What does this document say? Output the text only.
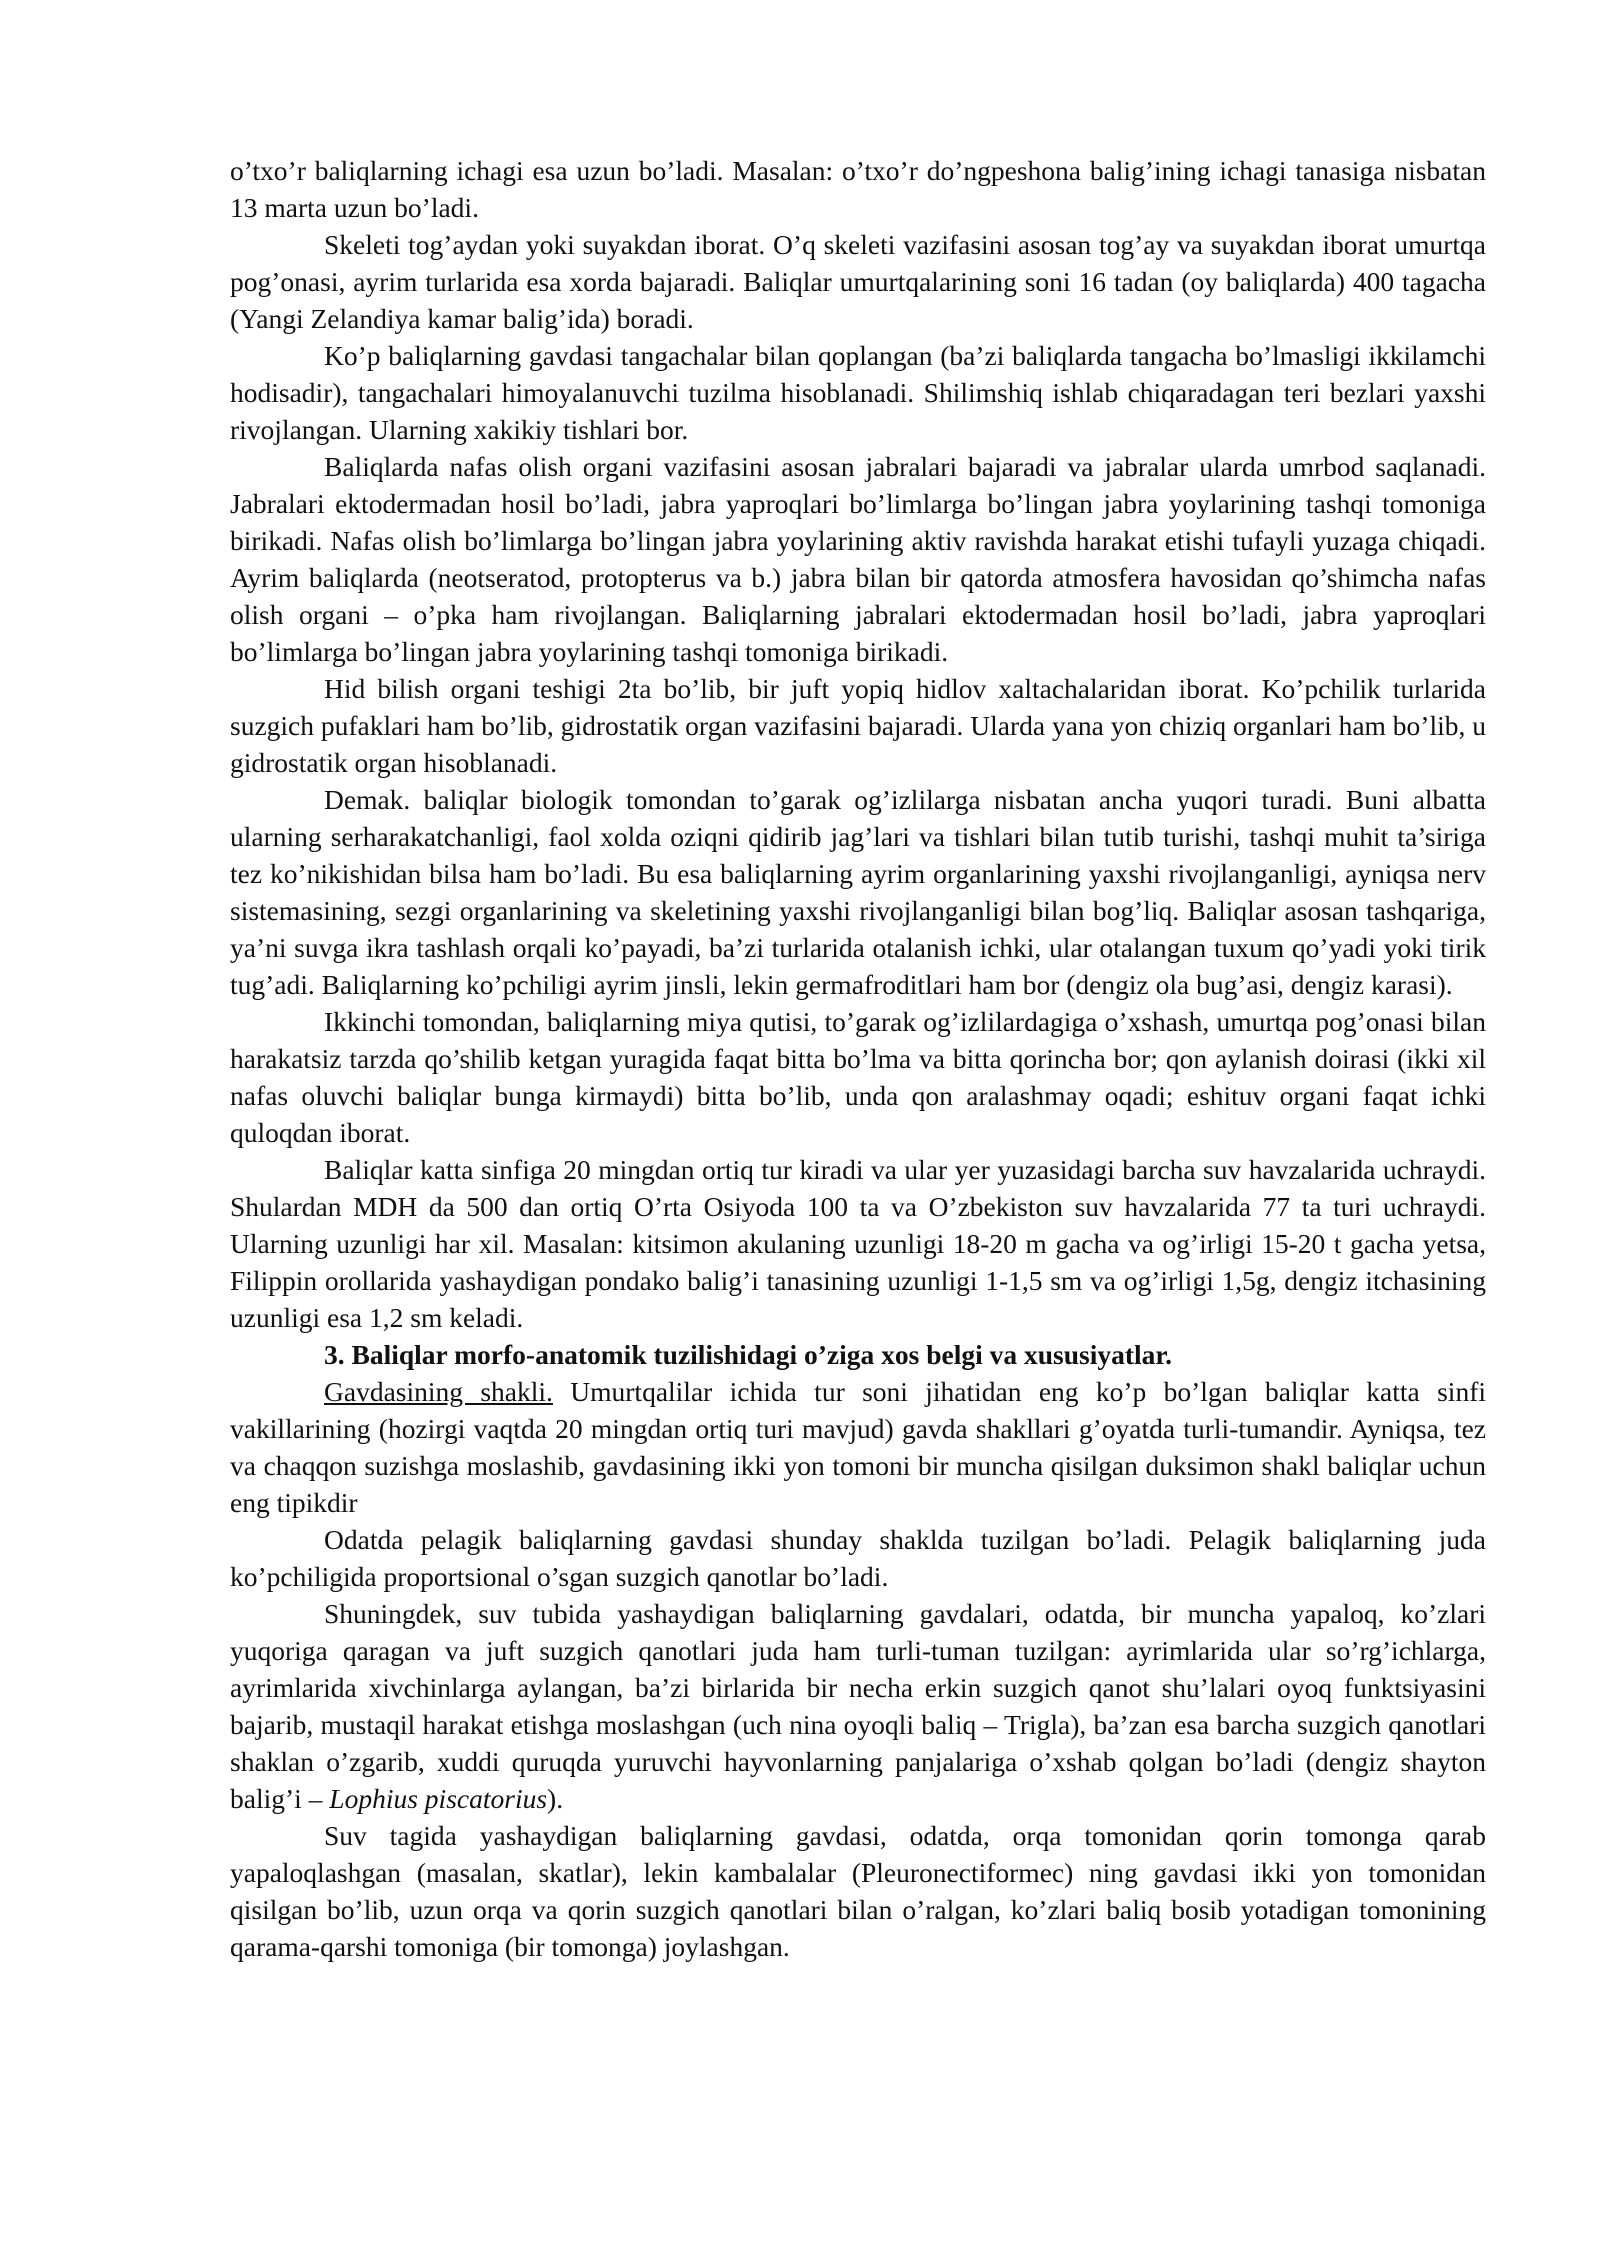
o’txo’r baliqlarning ichagi esa uzun bo’ladi. Masalan: o’txo’r do’ngpeshona balig’ining ichagi tanasiga nisbatan 13 marta uzun bo’ladi.

Skeleti tog’aydan yoki suyakdan iborat. O’q skeleti vazifasini asosan tog’ay va suyakdan iborat umurtqa pog’onasi, ayrim turlarida esa xorda bajaradi. Baliqlar umurtqalarining soni 16 tadan (oy baliqlarda) 400 tagacha (Yangi Zelandiya kamar balig’ida) boradi.

Ko’p baliqlarning gavdasi tangachalar bilan qoplangan (ba’zi baliqlarda tangacha bo’lmasligi ikkilamchi hodisadir), tangachalari himoyalanuvchi tuzilma hisoblanadi. Shilimshiq ishlab chiqaradagan teri bezlari yaxshi rivojlangan. Ularning xakikiy tishlari bor.

Baliqlarda nafas olish organi vazifasini asosan jabralari bajaradi va jabralar ularda umrbod saqlanadi. Jabralari ektodermadan hosil bo’ladi, jabra yaproqlari bo’limlarga bo’lingan jabra yoylarining tashqi tomoniga birikadi. Nafas olish bo’limlarga bo’lingan jabra yoylarining aktiv ravishda harakat etishi tufayli yuzaga chiqadi. Ayrim baliqlarda (neotseratod, protopterus va b.) jabra bilan bir qatorda atmosfera havosidan qo’shimcha nafas olish organi – o’pka ham rivojlangan. Baliqlarning jabralari ektodermadan hosil bo’ladi, jabra yaproqlari bo’limlarga bo’lingan jabra yoylarining tashqi tomoniga birikadi.

Hid bilish organi teshigi 2ta bo’lib, bir juft yopiq hidlov xaltachalaridan iborat. Ko’pchilik turlarida suzgich pufaklari ham bo’lib, gidrostatik organ vazifasini bajaradi. Ularda yana yon chiziq organlari ham bo’lib, u gidrostatik organ hisoblanadi.

Demak. baliqlar biologik tomondan to’garak og’izlilarga nisbatan ancha yuqori turadi. Buni albatta ularning serharakatchanligi, faol xolda oziqni qidirib jag’lari va tishlari bilan tutib turishi, tashqi muhit ta’siriga tez ko’nikishidan bilsa ham bo’ladi. Bu esa baliqlarning ayrim organlarining yaxshi rivojlanganligi, ayniqsa nerv sistemasining, sezgi organlarining va skeletining yaxshi rivojlanganligi bilan bog’liq. Baliqlar asosan tashqariga, ya’ni suvga ikra tashlash orqali ko’payadi, ba’zi turlarida otalanish ichki, ular otalangan tuxum qo’yadi yoki tirik tug’adi. Baliqlarning ko’pchiligi ayrim jinsli, lekin germafroditlari ham bor (dengiz ola bug’asi, dengiz karasi).

Ikkinchi tomondan, baliqlarning miya qutisi, to’garak og’izlilardagiga o’xshash, umurtqa pog’onasi bilan harakatsiz tarzda qo’shilib ketgan yuragida faqat bitta bo’lma va bitta qorincha bor; qon aylanish doirasi (ikki xil nafas oluvchi baliqlar bunga kirmaydi) bitta bo’lib, unda qon aralashmay oqadi; eshituv organi faqat ichki quloqdan iborat.

Baliqlar katta sinfiga 20 mingdan ortiq tur kiradi va ular yer yuzasidagi barcha suv havzalarida uchraydi. Shulardan MDH da 500 dan ortiq O’rta Osiyoda 100 ta va O’zbekiston suv havzalarida 77 ta turi uchraydi. Ularning uzunligi har xil. Masalan: kitsimon akulaning uzunligi 18-20 m gacha va og’irligi 15-20 t gacha yetsa, Filippin orollarida yashaydigan pondako balig’i tanasining uzunligi 1-1,5 sm va og’irligi 1,5g, dengiz itchasining uzunligi esa 1,2 sm keladi.

3. Baliqlar morfo-anatomik tuzilishidagi o’ziga xos belgi va xususiyatlar.

Gavdasining shakli. Umurtqalilar ichida tur soni jihatidan eng ko’p bo’lgan baliqlar katta sinfi vakillarining (hozirgi vaqtda 20 mingdan ortiq turi mavjud) gavda shakllari g’oyatda turli-tumandir. Ayniqsa, tez va chaqqon suzishga moslashib, gavdasining ikki yon tomoni bir muncha qisilgan duksimon shakl baliqlar uchun eng tipikdir

Odatda pelagik baliqlarning gavdasi shunday shaklda tuzilgan bo’ladi. Pelagik baliqlarning juda ko’pchiligida proportsional o’sgan suzgich qanotlar bo’ladi.

Shuningdek, suv tubida yashaydigan baliqlarning gavdalari, odatda, bir muncha yapaloq, ko’zlari yuqoriga qaragan va juft suzgich qanotlari juda ham turli-tuman tuzilgan: ayrimlarida ular so’rg’ichlarga, ayrimlarida xivchinlarga aylangan, ba’zi birlarida bir necha erkin suzgich qanot shu’lalari oyoq funktsiyasini bajarib, mustaqil harakat etishga moslashgan (uch nina oyoqli baliq – Trigla), ba’zan esa barcha suzgich qanotlari shaklan o’zgarib, xuddi quruqda yuruvchi hayvonlarning panjalariga o’xshab qolgan bo’ladi (dengiz shayton balig’i – Lophius piscatorius).

Suv tagida yashaydigan baliqlarning gavdasi, odatda, orqa tomonidan qorin tomonga qarab yapaloqlashgan (masalan, skatlar), lekin kambalalar (Pleuronectiformec) ning gavdasi ikki yon tomonidan qisilgan bo’lib, uzun orqa va qorin suzgich qanotlari bilan o’ralgan, ko’zlari baliq bosib yotadigan tomonining qarama-qarshi tomoniga (bir tomonga) joylashgan.
